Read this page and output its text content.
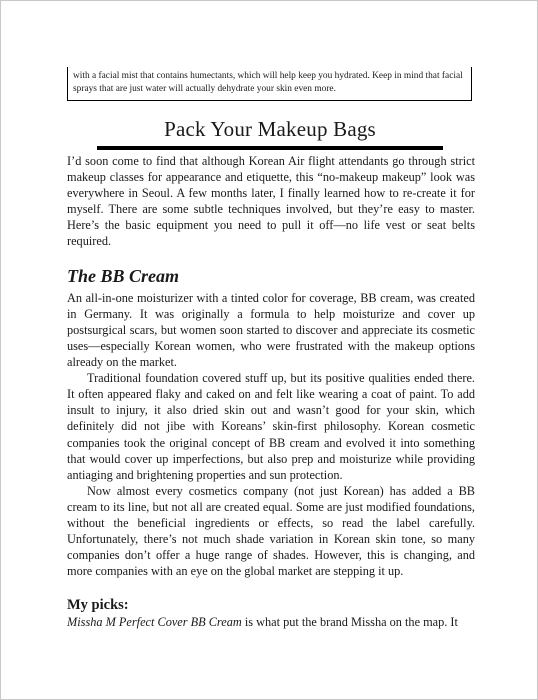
with a facial mist that contains humectants, which will help keep you hydrated. Keep in mind that facial sprays that are just water will actually dehydrate your skin even more.

Pack Your Makeup Bags

I’d soon come to find that although Korean Air flight attendants go through strict makeup classes for appearance and etiquette, this “no-makeup makeup” look was everywhere in Seoul. A few months later, I finally learned how to re-create it for myself. There are some subtle techniques involved, but they’re easy to master. Here’s the basic equipment you need to pull it off—no life vest or seat belts required.

The BB Cream

An all-in-one moisturizer with a tinted color for coverage, BB cream, was created in Germany. It was originally a formula to help moisturize and cover up postsurgical scars, but women soon started to discover and appreciate its cosmetic uses—especially Korean women, who were frustrated with the makeup options already on the market.

Traditional foundation covered stuff up, but its positive qualities ended there. It often appeared flaky and caked on and felt like wearing a coat of paint. To add insult to injury, it also dried skin out and wasn’t good for your skin, which definitely did not jibe with Koreans’ skin-first philosophy. Korean cosmetic companies took the original concept of BB cream and evolved it into something that would cover up imperfections, but also prep and moisturize while providing antiaging and brightening properties and sun protection.

Now almost every cosmetics company (not just Korean) has added a BB cream to its line, but not all are created equal. Some are just modified foundations, without the beneficial ingredients or effects, so read the label carefully. Unfortunately, there’s not much shade variation in Korean skin tone, so many companies don’t offer a huge range of shades. However, this is changing, and more companies with an eye on the global market are stepping it up.

My picks:

Missha M Perfect Cover BB Cream is what put the brand Missha on the map. It
